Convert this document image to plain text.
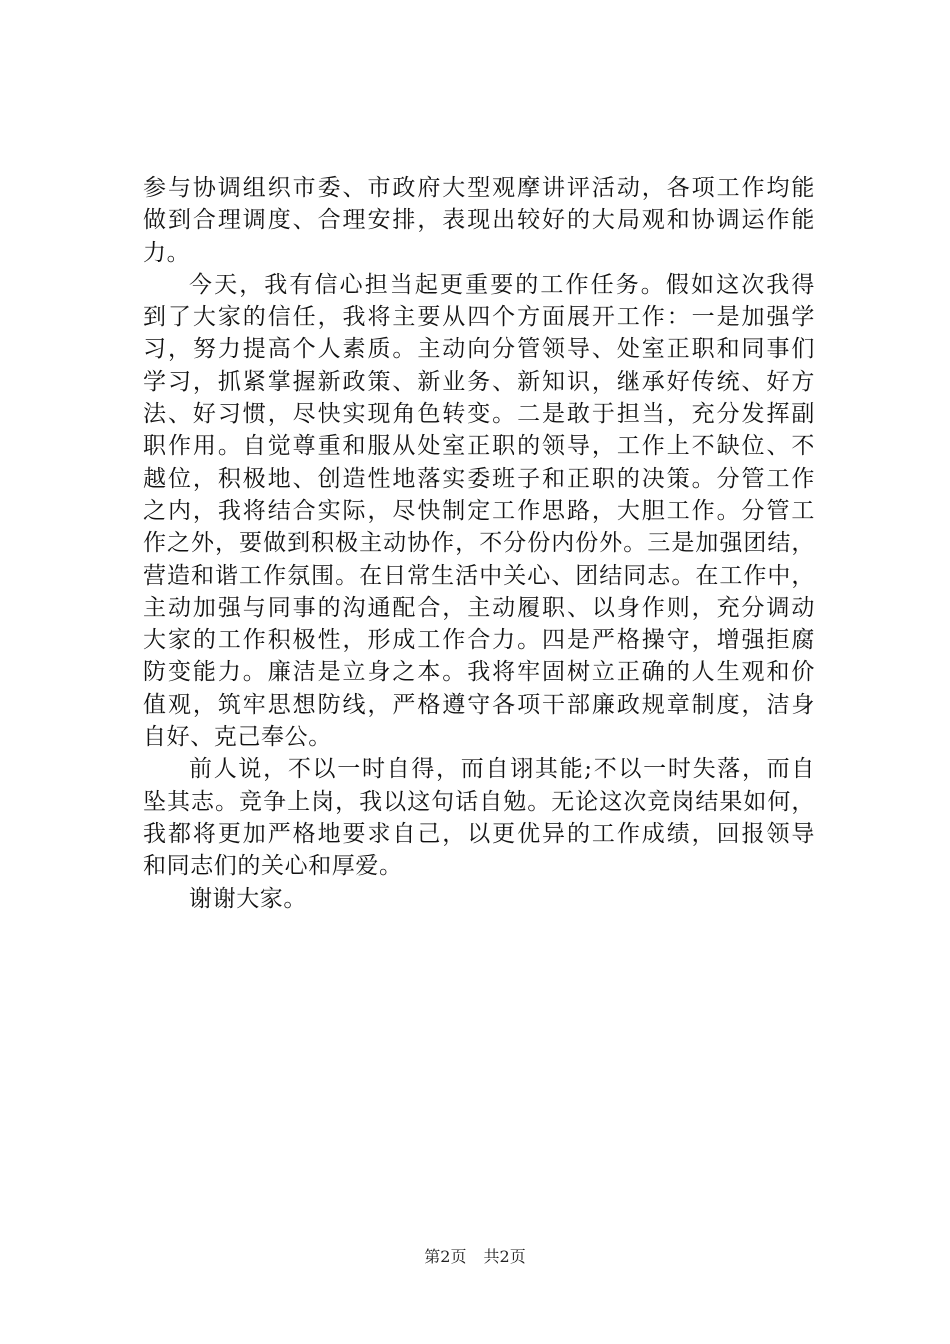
参与协调组织市委、市政府大型观摩讲评活动，各项工作均能
做到合理调度、合理安排，表现出较好的大局观和协调运作能
力。
今天，我有信心担当起更重要的工作任务。假如这次我得
到了大家的信任，我将主要从四个方面展开工作：一是加强学
习，努力提高个人素质。主动向分管领导、处室正职和同事们
学习，抓紧掌握新政策、新业务、新知识，继承好传统、好方
法、好习惯，尽快实现角色转变。二是敢于担当，充分发挥副
职作用。自觉尊重和服从处室正职的领导，工作上不缺位、不
越位，积极地、创造性地落实委班子和正职的决策。分管工作
之内，我将结合实际，尽快制定工作思路，大胆工作。分管工
作之外，要做到积极主动协作，不分份内份外。三是加强团结，
营造和谐工作氛围。在日常生活中关心、团结同志。在工作中，
主动加强与同事的沟通配合，主动履职、以身作则，充分调动
大家的工作积极性，形成工作合力。四是严格操守，增强拒腐
防变能力。廉洁是立身之本。我将牢固树立正确的人生观和价
值观，筑牢思想防线，严格遵守各项干部廉政规章制度，洁身
自好、克己奉公。
前人说，不以一时自得，而自诩其能;不以一时失落，而自
坠其志。竞争上岗，我以这句话自勉。无论这次竞岗结果如何，
我都将更加严格地要求自己，以更优异的工作成绩，回报领导
和同志们的关心和厚爱。
谢谢大家。
第2页 共2页
